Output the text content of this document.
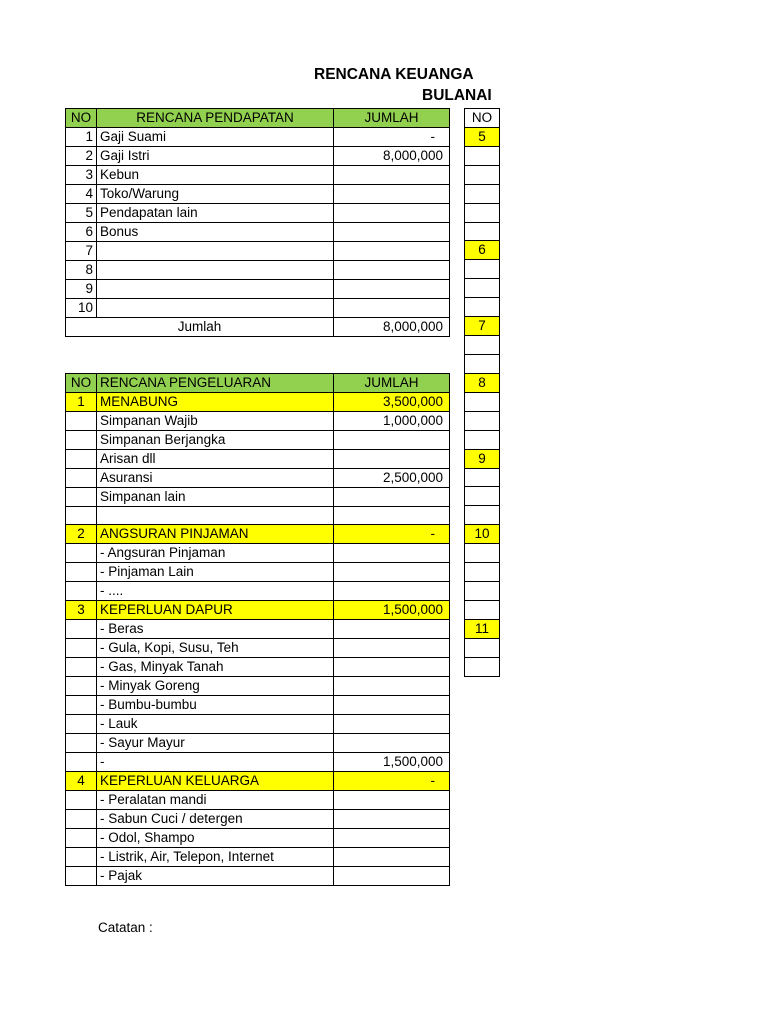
RENCANA KEUANGA
BULANAI
NO	RENCANA PENDAPATAN	JUMLAH
1	Gaji Suami	-
2	Gaji Istri	8,000,000
3	Kebun	
4	Toko/Warung	
5	Pendapatan lain	
6	Bonus	
7		
8		
9		
10		
Jumlah		8,000,000
NO	RENCANA PENGELUARAN	JUMLAH
1	MENABUNG	3,500,000
	Simpanan Wajib	1,000,000
	Simpanan Berjangka	
	Arisan dll	
	Asuransi	2,500,000
	Simpanan lain	

2	ANGSURAN PINJAMAN	-
	- Angsuran Pinjaman	
	- Pinjaman Lain	
	- ....	
3	KEPERLUAN DAPUR	1,500,000
	- Beras	
	- Gula, Kopi, Susu, Teh	
	- Gas, Minyak Tanah	
	- Minyak Goreng	
	- Bumbu-bumbu	
	- Lauk	
	- Sayur Mayur	
	-	1,500,000
4	KEPERLUAN KELUARGA	-
	- Peralatan mandi	
	- Sabun Cuci / detergen	
	- Odol, Shampo	
	- Listrik, Air, Telepon, Internet	
	- Pajak	
NO
5

6

7

8

9

10

11

Catatan :
